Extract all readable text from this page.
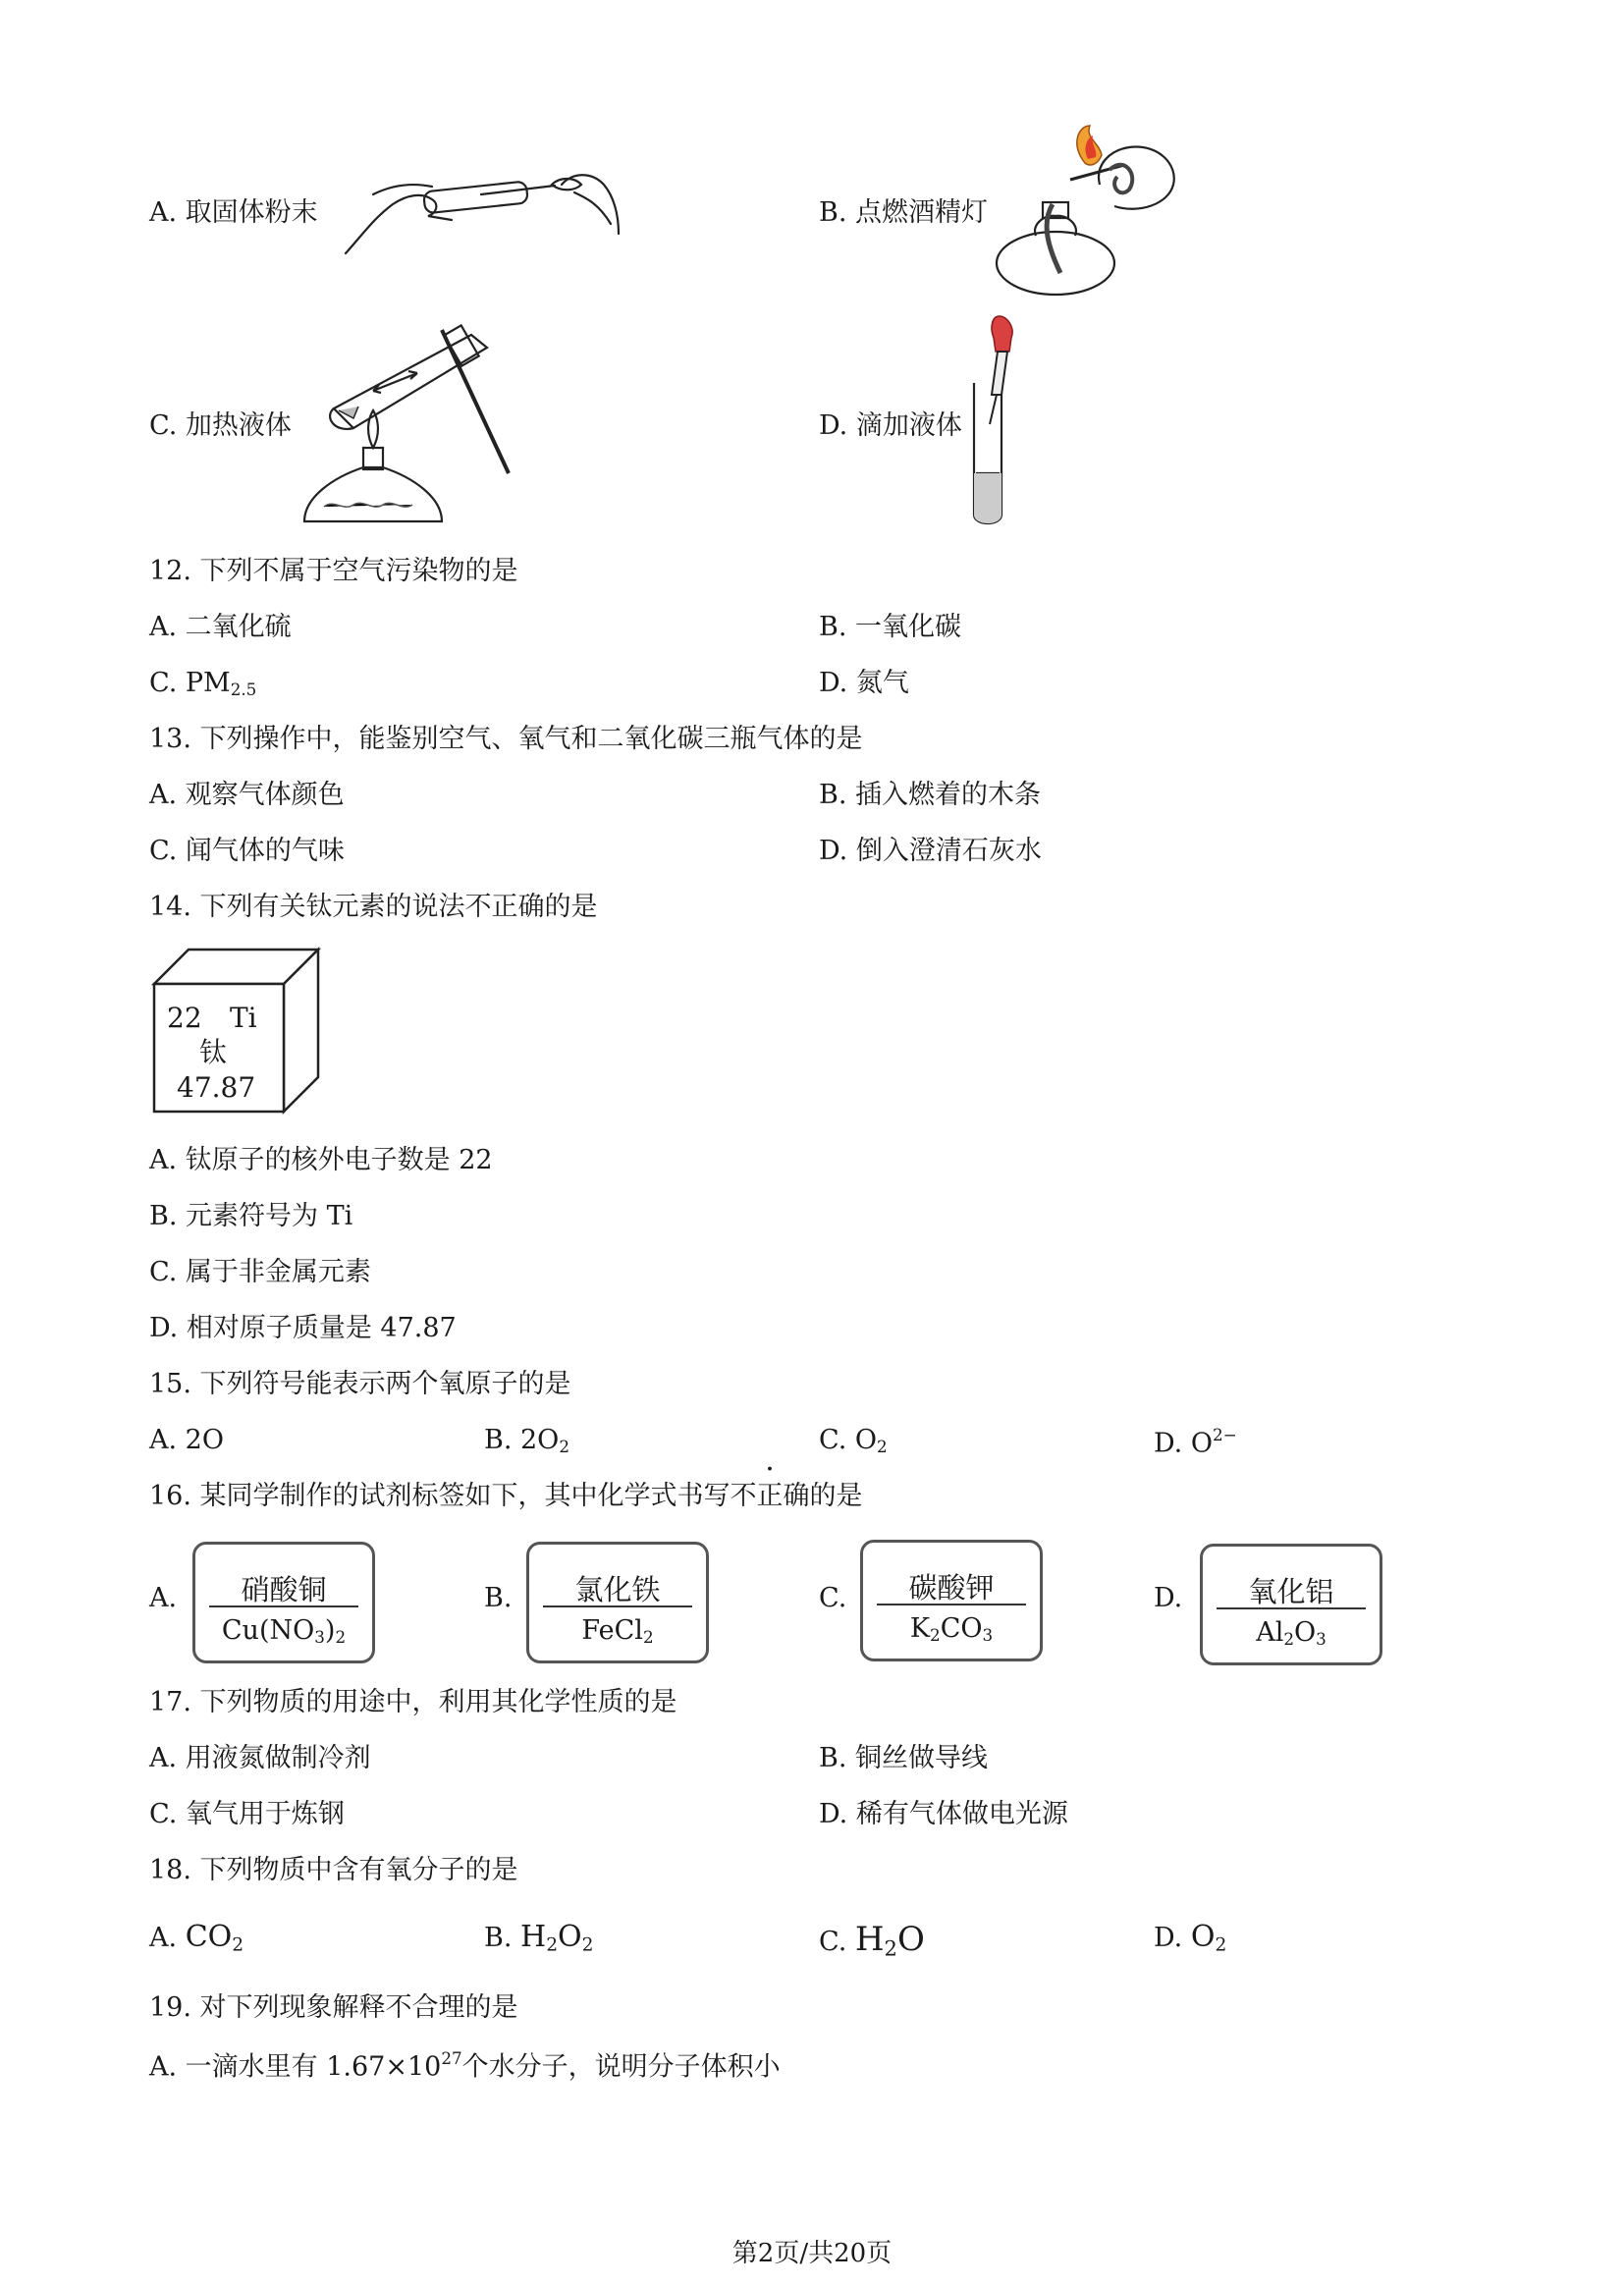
A. 取固体粉末	B. 点燃酒精灯
C. 加热液体	D. 滴加液体
12. 下列不属于空气污染物的是
A. 二氧化硫	B. 一氧化碳
C. $PM_{2.5}$	D. 氮气
13. 下列操作中，能鉴别空气、氧气和二氧化碳三瓶气体的是
A. 观察气体颜色	B. 插入燃着的木条
C. 闻气体的气味	D. 倒入澄清石灰水
14. 下列有关钛元素的说法不正确的是
22 Ti
钛
47.87
A. 钛原子的核外电子数是 22
B. 元素符号为 Ti
C. 属于非金属元素
D. 相对原子质量是 47.87
15. 下列符号能表示两个氧原子的是
A. 2O	B. $2O_2$	C. $O_2$	D. $O^{2-}$
16. 某同学制作的试剂标签如下，其中化学式书写不正确的是
A.	硝酸铜
$Cu(NO_3)_2$
B.	氯化铁
FeCl$_2$
C.	碳酸钾
$K_2CO_3$
D.	氧化铝
$Al_2O_3$
17. 下列物质的用途中，利用其化学性质的是
A. 用液氮做制冷剂	B. 铜丝做导线
C. 氧气用于炼钢	D. 稀有气体做电光源
18. 下列物质中含有氧分子的是
A. $CO_2$	B. $H_2O_2$	C. $H_2O$	D. $O_2$
19. 对下列现象解释不合理的是
A. 一滴水里有 $1.67\times 10^{27}$个水分子，说明分子体积小
第2页/共20页
